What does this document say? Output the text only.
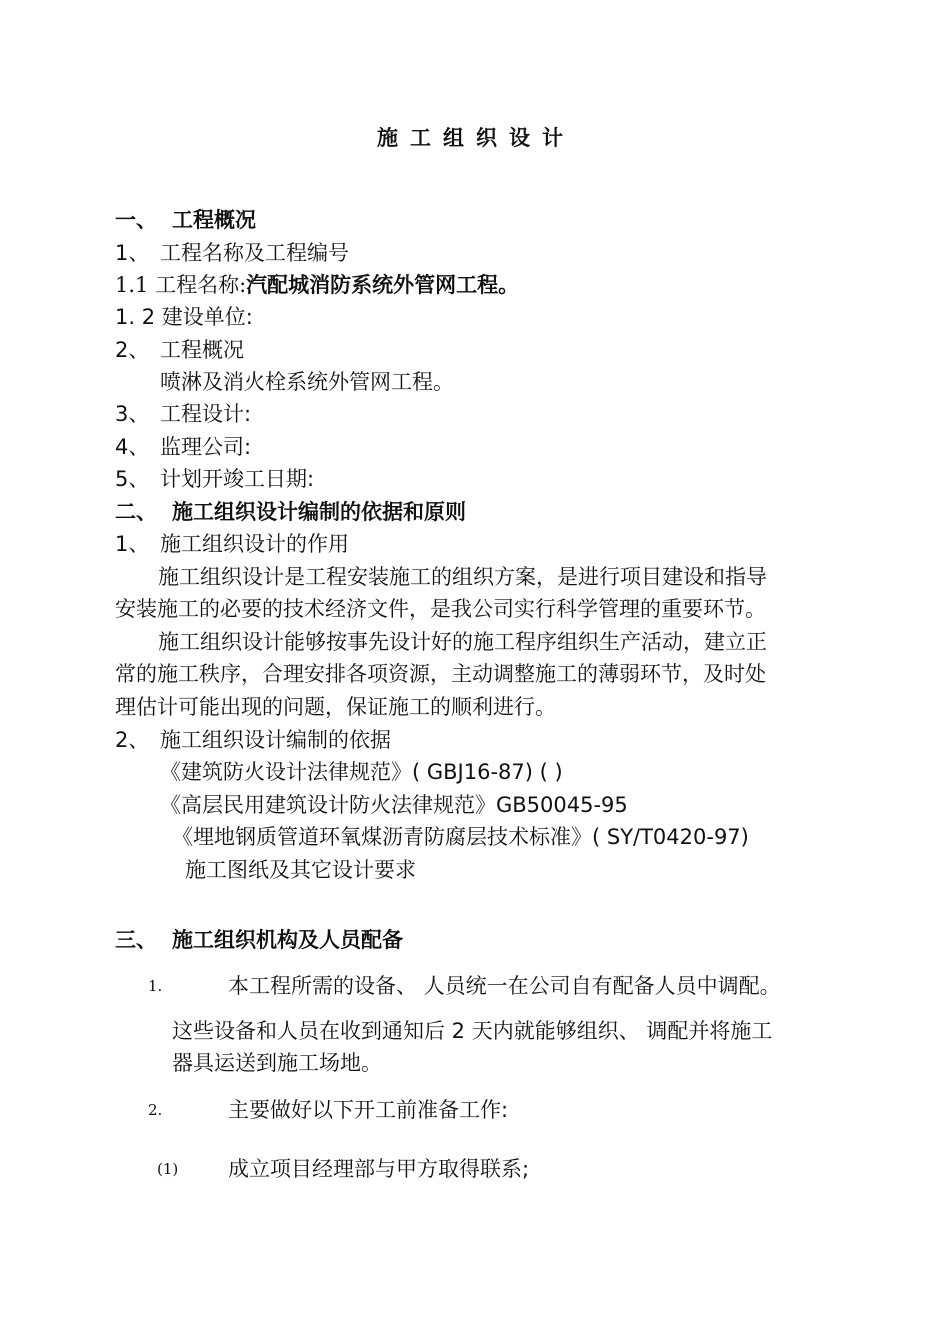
施工组织设计
一、 工程概况
1、 工程名称及工程编号
1.1 工程名称:汽配城消防系统外管网工程。
1. 2 建设单位:
2、 工程概况
喷淋及消火栓系统外管网工程。
3、 工程设计:
4、 监理公司:
5、 计划开竣工日期:
二、 施工组织设计编制的依据和原则
1、 施工组织设计的作用
施工组织设计是工程安装施工的组织方案，是进行项目建设和指导
安装施工的必要的技术经济文件，是我公司实行科学管理的重要环节。
施工组织设计能够按事先设计好的施工程序组织生产活动，建立正
常的施工秩序，合理安排各项资源，主动调整施工的薄弱环节，及时处
理估计可能出现的问题，保证施工的顺利进行。
2、 施工组织设计编制的依据
《建筑防火设计法律规范》( GBJ16-87) ( )
《高层民用建筑设计防火法律规范》GB50045-95
《埋地钢质管道环氧煤沥青防腐层技术标准》( SY/T0420-97)
施工图纸及其它设计要求
三、 施工组织机构及人员配备
1.	本工程所需的设备、 人员统一在公司自有配备人员中调配。
这些设备和人员在收到通知后 2 天内就能够组织、 调配并将施工
器具运送到施工场地。
2.	主要做好以下开工前准备工作:
(1) 成立项目经理部与甲方取得联系;
